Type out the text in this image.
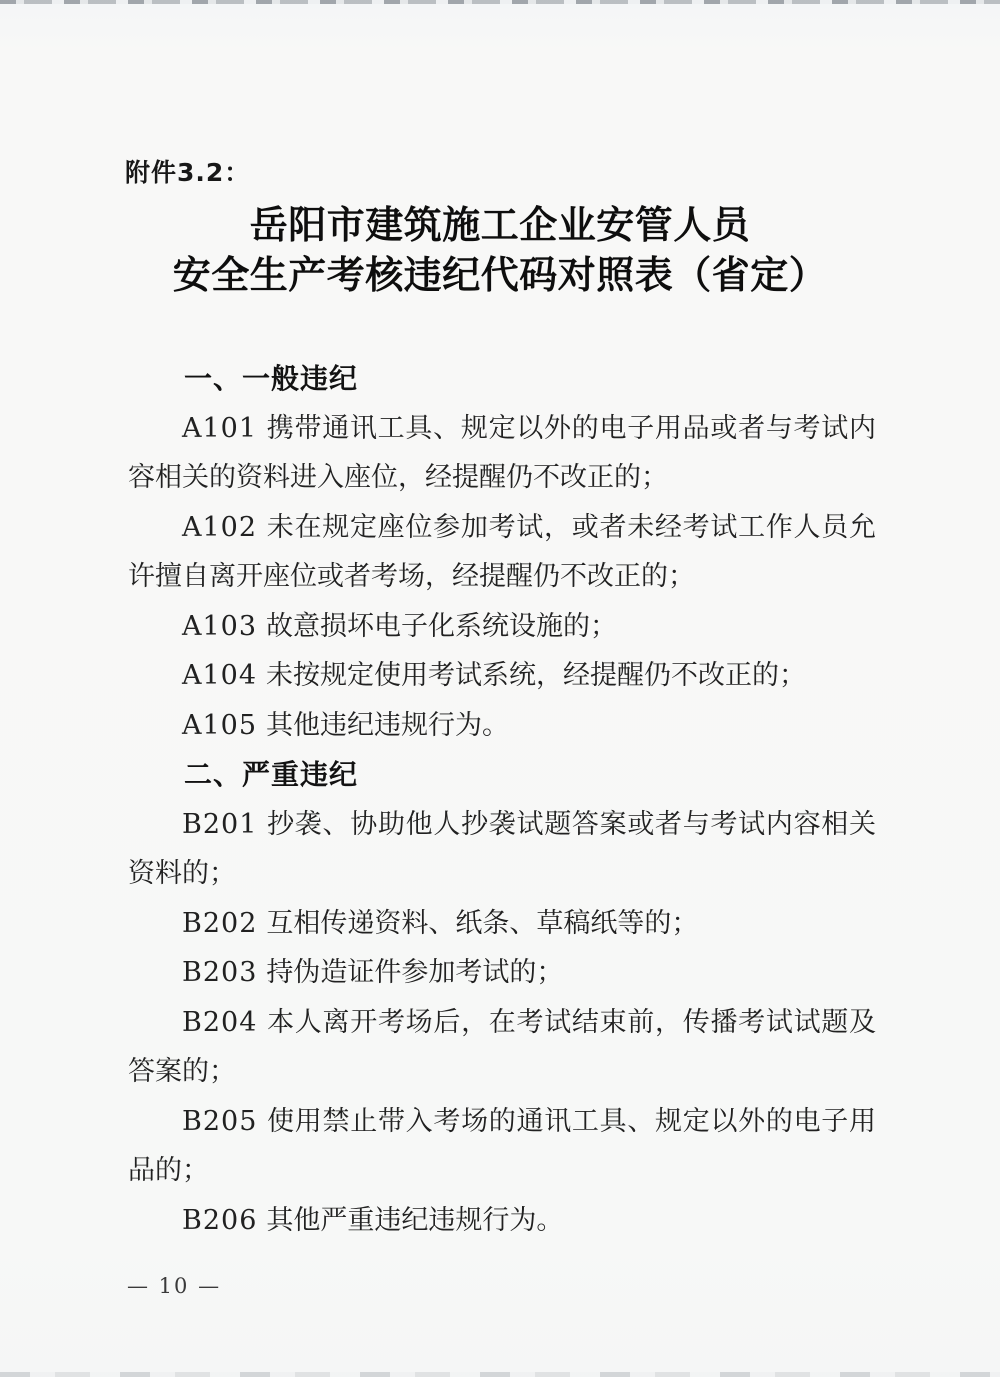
附件3.2：
岳阳市建筑施工企业安管人员
安全生产考核违纪代码对照表（省定）

一、一般违纪

A101 携带通讯工具、规定以外的电子用品或者与考试内容相关的资料进入座位，经提醒仍不改正的；

A102 未在规定座位参加考试，或者未经考试工作人员允许擅自离开座位或者考场，经提醒仍不改正的；

A103 故意损坏电子化系统设施的；

A104 未按规定使用考试系统，经提醒仍不改正的；

A105 其他违纪违规行为。

二、严重违纪

B201 抄袭、协助他人抄袭试题答案或者与考试内容相关资料的；

B202 互相传递资料、纸条、草稿纸等的；

B203 持伪造证件参加考试的；

B204 本人离开考场后，在考试结束前，传播考试试题及答案的；

B205 使用禁止带入考场的通讯工具、规定以外的电子用品的；

B206 其他严重违纪违规行为。

— 10 —
